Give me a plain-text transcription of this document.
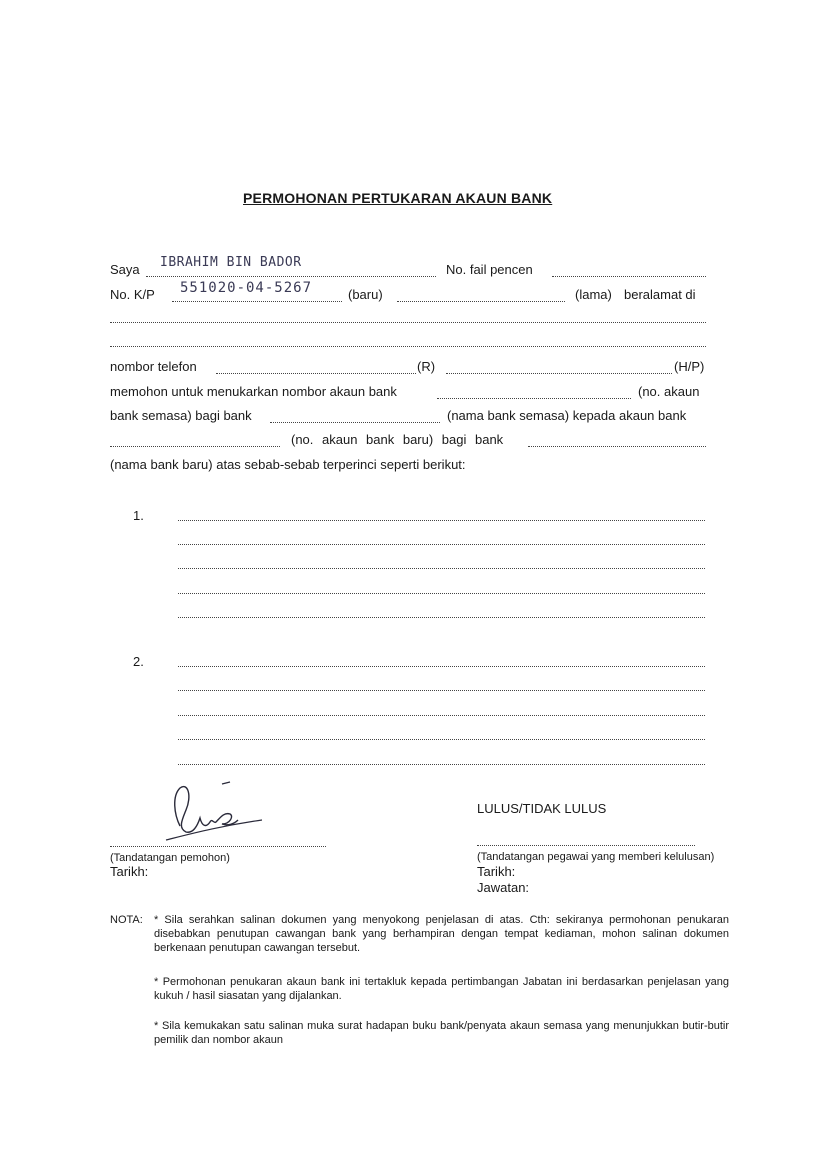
PERMOHONAN PERTUKARAN AKAUN BANK
Saya IBRAHIM BIN BADOR	No. fail pencen
No. K/P 551020-04-5267	(baru)	(lama) beralamat di
nombor telefon	(R)	(H/P)
memohon untuk menukarkan nombor akaun bank	(no. akaun
bank semasa) bagi bank	(nama bank semasa) kepada akaun bank
(no. akaun bank baru) bagi bank
(nama bank baru) atas sebab-sebab terperinci seperti berikut:
1.
2.
(Tandatangan pemohon)
Tarikh:
LULUS/TIDAK LULUS
(Tandatangan pegawai yang memberi kelulusan)
Tarikh:
Jawatan:
NOTA: * Sila serahkan salinan dokumen yang menyokong penjelasan di atas. Cth: sekiranya permohonan penukaran disebabkan penutupan cawangan bank yang berhampiran dengan tempat kediaman, mohon salinan dokumen berkenaan penutupan cawangan tersebut.
* Permohonan penukaran akaun bank ini tertakluk kepada pertimbangan Jabatan ini berdasarkan penjelasan yang kukuh / hasil siasatan yang dijalankan.
* Sila kemukakan satu salinan muka surat hadapan buku bank/penyata akaun semasa yang menunjukkan butir-butir pemilik dan nombor akaun
